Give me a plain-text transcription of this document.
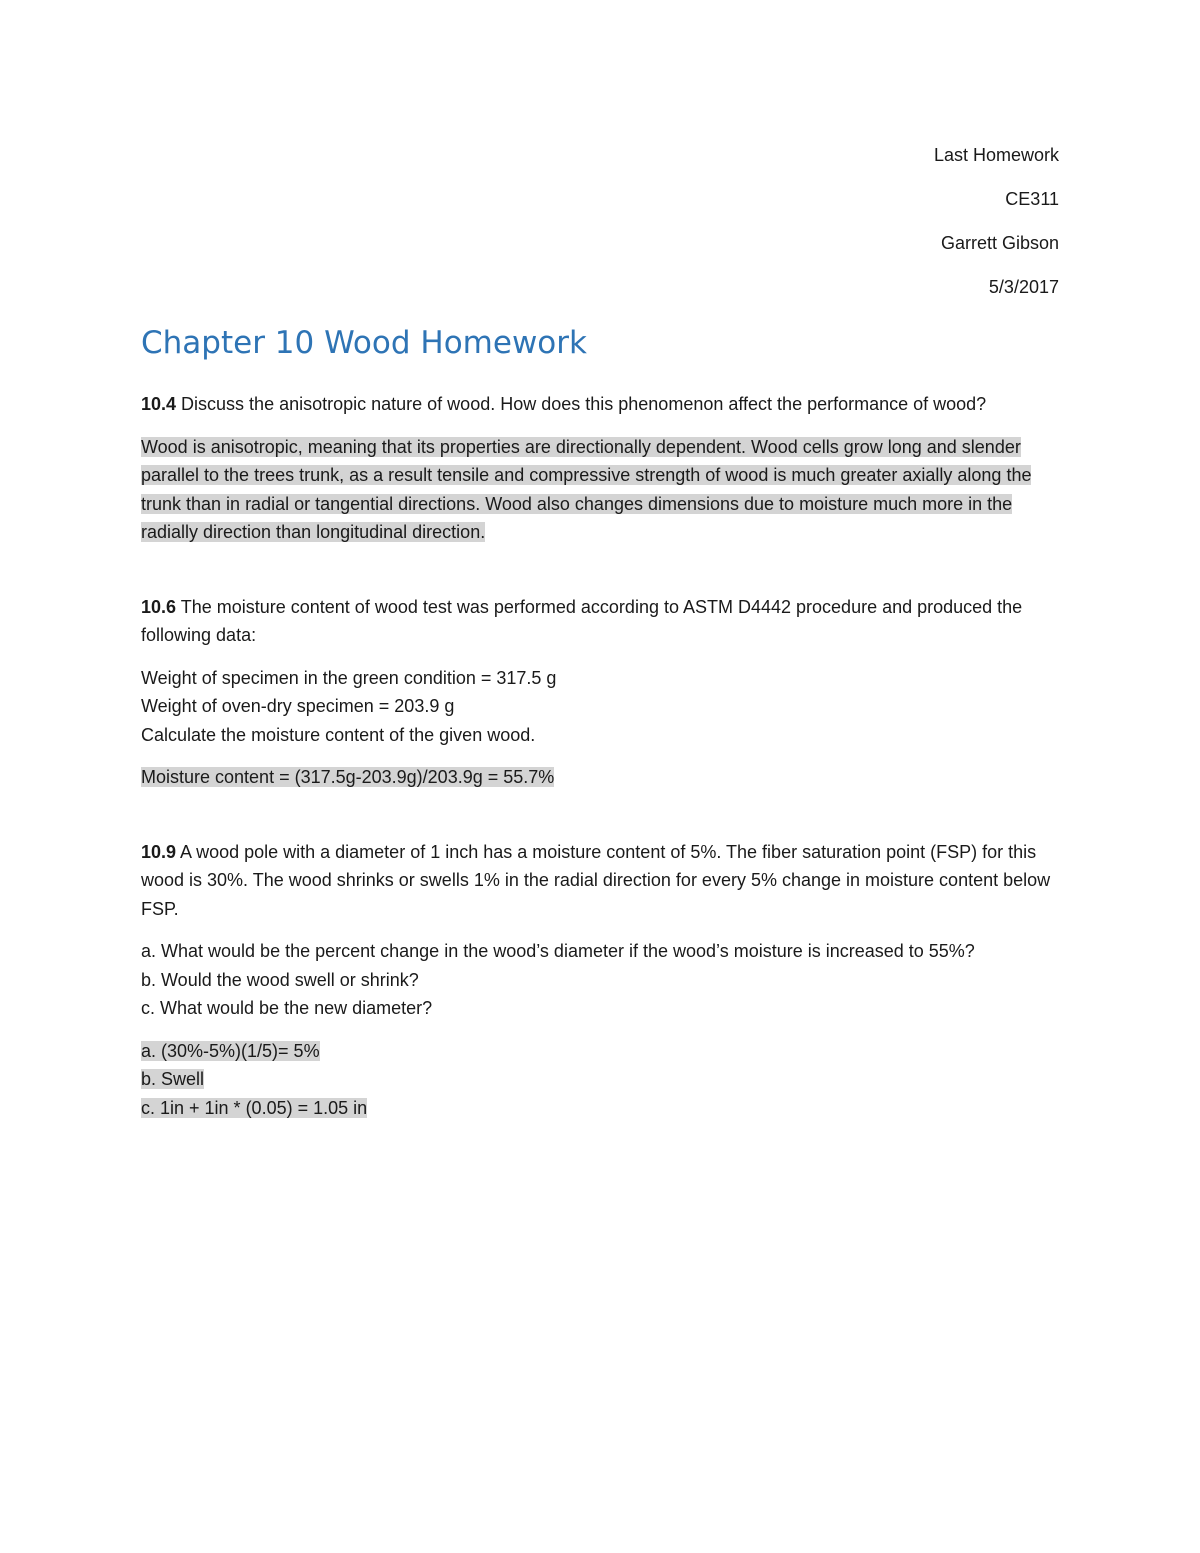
Last Homework
CE311
Garrett Gibson
5/3/2017
Chapter 10 Wood Homework

10.4 Discuss the anisotropic nature of wood. How does this phenomenon affect the performance of wood?

Wood is anisotropic, meaning that its properties are directionally dependent. Wood cells grow long and slender parallel to the trees trunk, as a result tensile and compressive strength of wood is much greater axially along the trunk than in radial or tangential directions. Wood also changes dimensions due to moisture much more in the radially direction than longitudinal direction.

10.6 The moisture content of wood test was performed according to ASTM D4442 procedure and produced the following data:

Weight of specimen in the green condition = 317.5 g
Weight of oven-dry specimen = 203.9 g
Calculate the moisture content of the given wood.

Moisture content = (317.5g-203.9g)/203.9g = 55.7%

10.9 A wood pole with a diameter of 1 inch has a moisture content of 5%. The fiber saturation point (FSP) for this wood is 30%. The wood shrinks or swells 1% in the radial direction for every 5% change in moisture content below FSP.

a. What would be the percent change in the wood’s diameter if the wood’s moisture is increased to 55%?
b. Would the wood swell or shrink?
c. What would be the new diameter?

a. (30%-5%)(1/5)= 5%
b. Swell
c. 1in + 1in * (0.05) = 1.05 in
